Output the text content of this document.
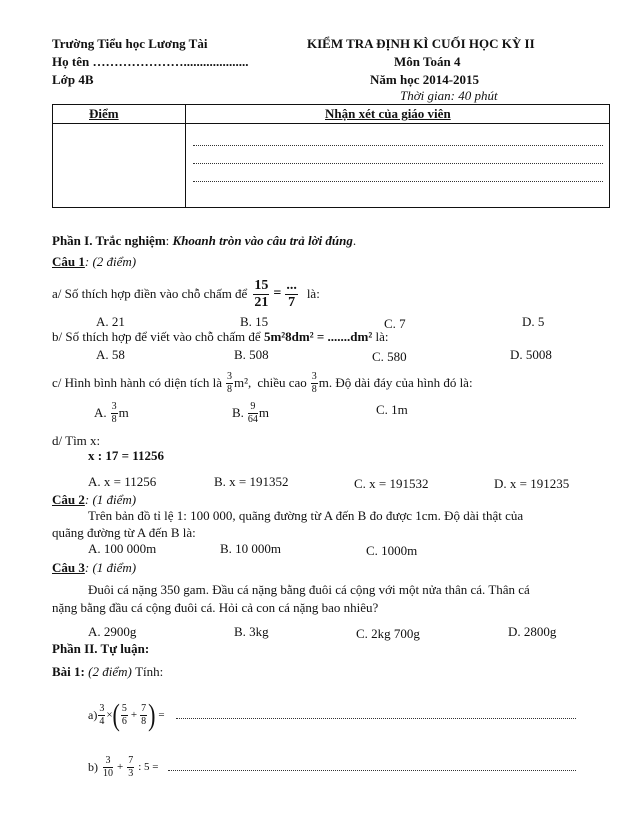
Trường Tiểu học Lương Tài
Họ tên …………………....................
Lớp 4B
KIỂM TRA ĐỊNH KÌ CUỐI HỌC KỲ II
Môn Toán 4
Năm học 2014-2015
Thời gian: 40 phút
Điểm	Nhận xét của giáo viên
Phần I. Trắc nghiệm: Khoanh tròn vào câu trả lời đúng.
Câu 1: (2 điểm)
a/ Số thích hợp điền vào chỗ chấm để $\frac{15}{21} = \frac{...}{7}$ là:
A. 21	B. 15	C. 7	D. 5
b/ Số thích hợp để viết vào chỗ chấm để 5m²8dm² = .......dm² là:
A. 58	B. 508	C. 580	D. 5008
c/ Hình bình hành có diện tích là $\frac{3}{8} m^2$, chiều cao $\frac{3}{8} m$. Độ dài đáy của hình đó là:
A. $\frac{3}{8}$ m	B. $\frac{9}{64}$ m	C. 1m
d/ Tìm x:
x : 17 = 11256
A. x = 11256	B. x = 191352	C. x = 191532	D. x = 191235
Câu 2: (1 điểm)
Trên bản đồ tỉ lệ 1: 100 000, quãng đường từ A đến B đo được 1cm. Độ dài thật của
quãng đường từ A đến B là:
A. 100 000m	B. 10 000m	C. 1000m
Câu 3: (1 điểm)
Đuôi cá nặng 350 gam. Đầu cá nặng bằng đuôi cá cộng với một nửa thân cá. Thân cá
nặng bằng đầu cá cộng đuôi cá. Hỏi cả con cá nặng bao nhiêu?
A. 2900g	B. 3kg	C. 2kg 700g	D. 2800g
Phần II. Tự luận:
Bài 1: (2 điểm) Tính:
$a) \frac{3}{4}$ × ( $\frac{5}{6} + \frac{7}{8}$ ) =
$b) \frac{3}{10} + \frac{7}{3}$ : 5 =
